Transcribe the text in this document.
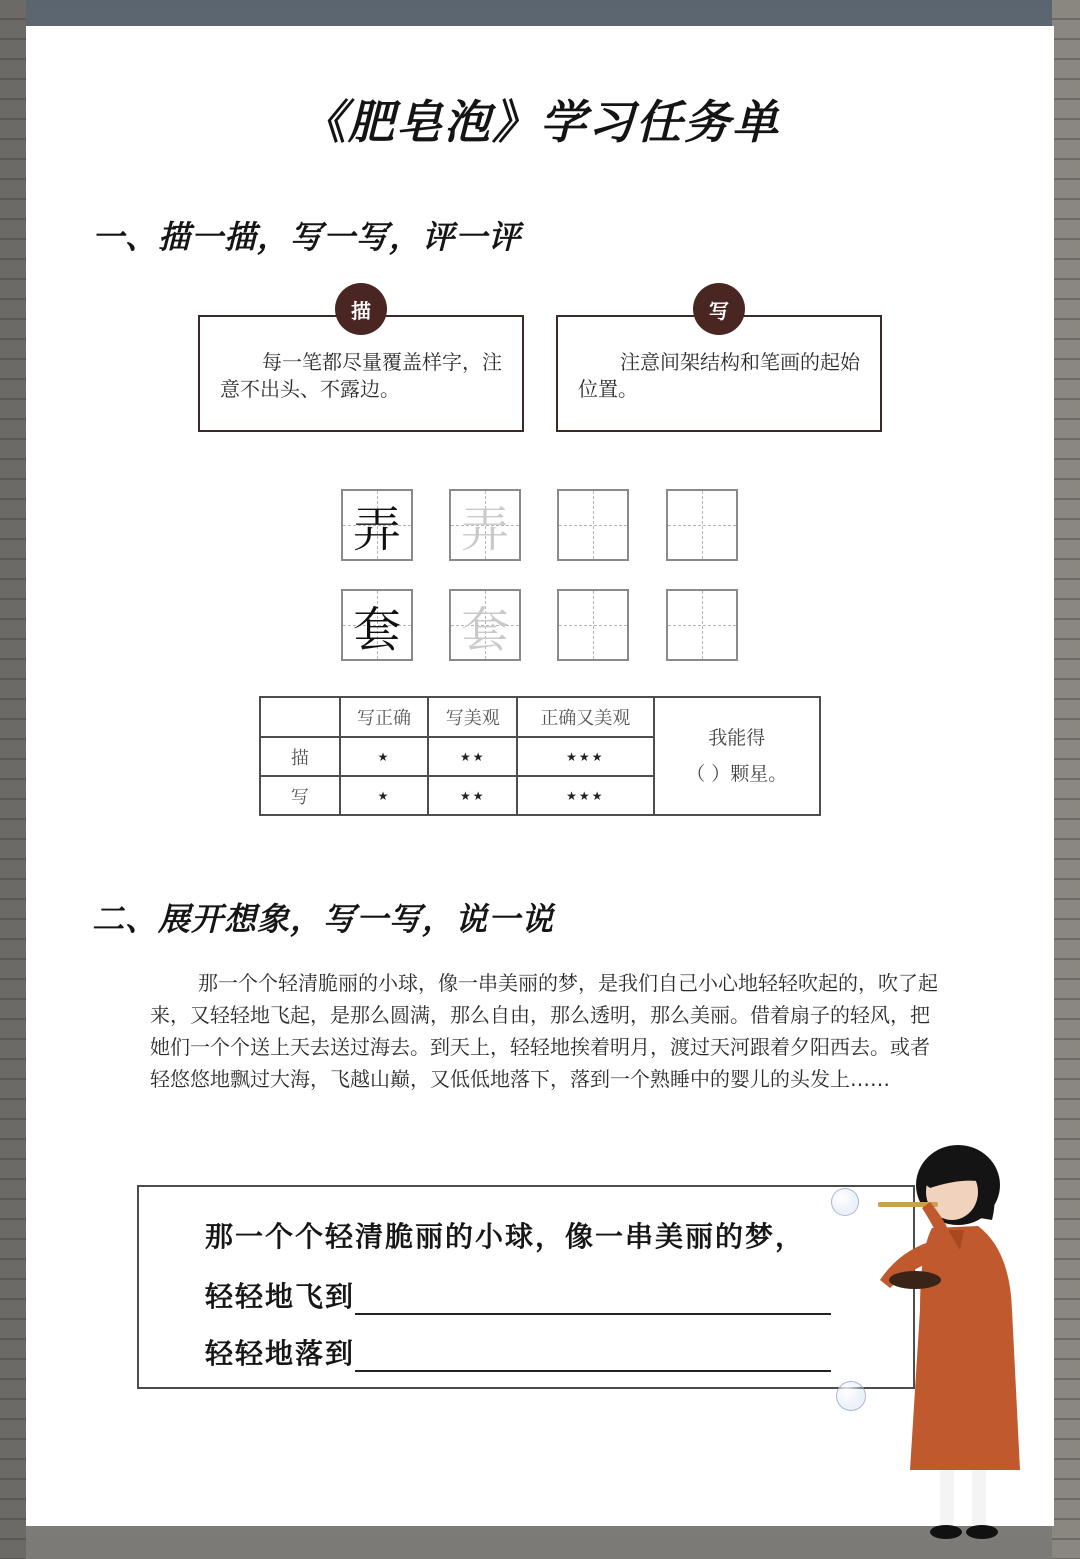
《肥皂泡》学习任务单
一、描一描，写一写，评一评
每一笔都尽量覆盖样字，注意不出头、不露边。
描
注意间架结构和笔画的起始位置。
写
弄 弄
套 套
	写正确	写美观	正确又美观	我能得
（ ）颗星。

描	★	★★	★★★	
写	★	★★	★★★	
二、展开想象，写一写，说一说
那一个个轻清脆丽的小球，像一串美丽的梦，是我们自己小心地轻轻吹起的，吹了起来，又轻轻地飞起，是那么圆满，那么自由，那么透明，那么美丽。借着扇子的轻风，把她们一个个送上天去送过海去。到天上，轻轻地挨着明月，渡过天河跟着夕阳西去。或者轻悠悠地飘过大海，飞越山巅，又低低地落下，落到一个熟睡中的婴儿的头发上……
那一个个轻清脆丽的小球，像一串美丽的梦，
轻轻地飞到
轻轻地落到
